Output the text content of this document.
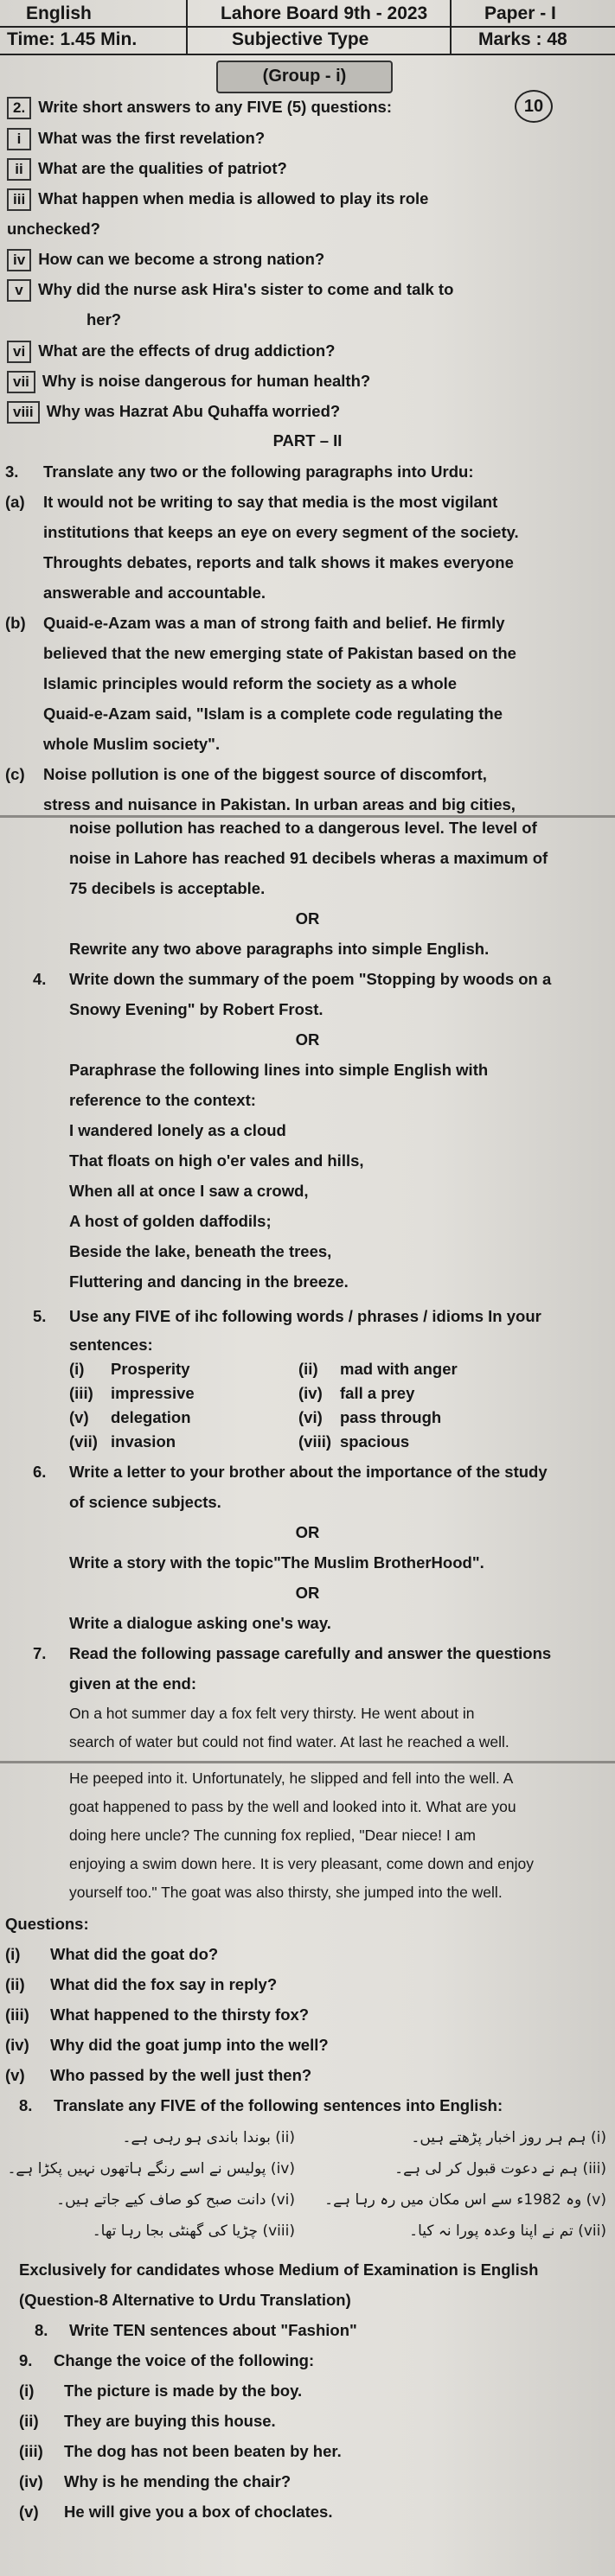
English	Lahore Board 9th - 2023	Paper - I
Time: 1.45 Min.	Subjective Type	Marks : 48
(Group - i)
2. Write short answers to any FIVE (5) questions:	10
i What was the first revelation?
ii What are the qualities of patriot?
iii What happen when media is allowed to play its role
unchecked?
iv How can we become a strong nation?
v Why did the nurse ask Hira's sister to come and talk to
her?
vi What are the effects of drug addiction?
vii Why is noise dangerous for human health?
viii Why was Hazrat Abu Quhaffa worried?
PART – II
3. Translate any two or the following paragraphs into Urdu:
(a) It would not be writing to say that media is the most vigilant
institutions that keeps an eye on every segment of the society.
Throughts debates, reports and talk shows it makes everyone
answerable and accountable.
(b) Quaid-e-Azam was a man of strong faith and belief. He firmly
believed that the new emerging state of Pakistan based on the
Islamic principles would reform the society as a whole
Quaid-e-Azam said, "Islam is a complete code regulating the
whole Muslim society".
(c) Noise pollution is one of the biggest source of discomfort,
stress and nuisance in Pakistan. In urban areas and big cities,
noise pollution has reached to a dangerous level. The level of
noise in Lahore has reached 91 decibels wheras a maximum of
75 decibels is acceptable.
OR
Rewrite any two above paragraphs into simple English.
4. Write down the summary of the poem "Stopping by woods on a
Snowy Evening" by Robert Frost.
OR
Paraphrase the following lines into simple English with
reference to the context:
I wandered lonely as a cloud
That floats on high o'er vales and hills,
When all at once I saw a crowd,
A host of golden daffodils;
Beside the lake, beneath the trees,
Fluttering and dancing in the breeze.
5. Use any FIVE of ihc following words / phrases / idioms In your
sentences:
(i) Prosperity	(ii) mad with anger
(iii) impressive	(iv) fall a prey
(v) delegation	(vi) pass through
(vii) invasion	(viii) spacious
6. Write a letter to your brother about the importance of the study
of science subjects.
OR
Write a story with the topic"The Muslim BrotherHood".
OR
Write a dialogue asking one's way.
7. Read the following passage carefully and answer the questions
given at the end:
On a hot summer day a fox felt very thirsty. He went about in
search of water but could not find water. At last he reached a well.
He peeped into it. Unfortunately, he slipped and fell into the well. A
goat happened to pass by the well and looked into it. What are you
doing here uncle? The cunning fox replied, "Dear niece! I am
enjoying a swim down here. It is very pleasant, come down and enjoy
yourself too." The goat was also thirsty, she jumped into the well.
Questions:
(i) What did the goat do?
(ii) What did the fox say in reply?
(iii) What happened to the thirsty fox?
(iv) Why did the goat jump into the well?
(v) Who passed by the well just then?
8. Translate any FIVE of the following sentences into English:
(i) ہم ہر روز اخبار پڑھتے ہیں۔
(ii) بوندا باندی ہو رہی ہے۔
(iii) ہم نے دعوت قبول کر لی ہے۔
(iv) پولیس نے اسے رنگے ہاتھوں نہیں پکڑا ہے۔
(v) وہ 1982ء سے اس مکان میں رہ رہا ہے۔
(vi) دانت صبح کو صاف کیے جاتے ہیں۔
(vii) تم نے اپنا وعدہ پورا نہ کیا۔
(viii) چڑیا کی گھنٹی بجا رہا تھا۔
Exclusively for candidates whose Medium of Examination is English
(Question-8 Alternative to Urdu Translation)
8. Write TEN sentences about "Fashion"
9. Change the voice of the following:
(i) The picture is made by the boy.
(ii) They are buying this house.
(iii) The dog has not been beaten by her.
(iv) Why is he mending the chair?
(v) He will give you a box of choclates.
